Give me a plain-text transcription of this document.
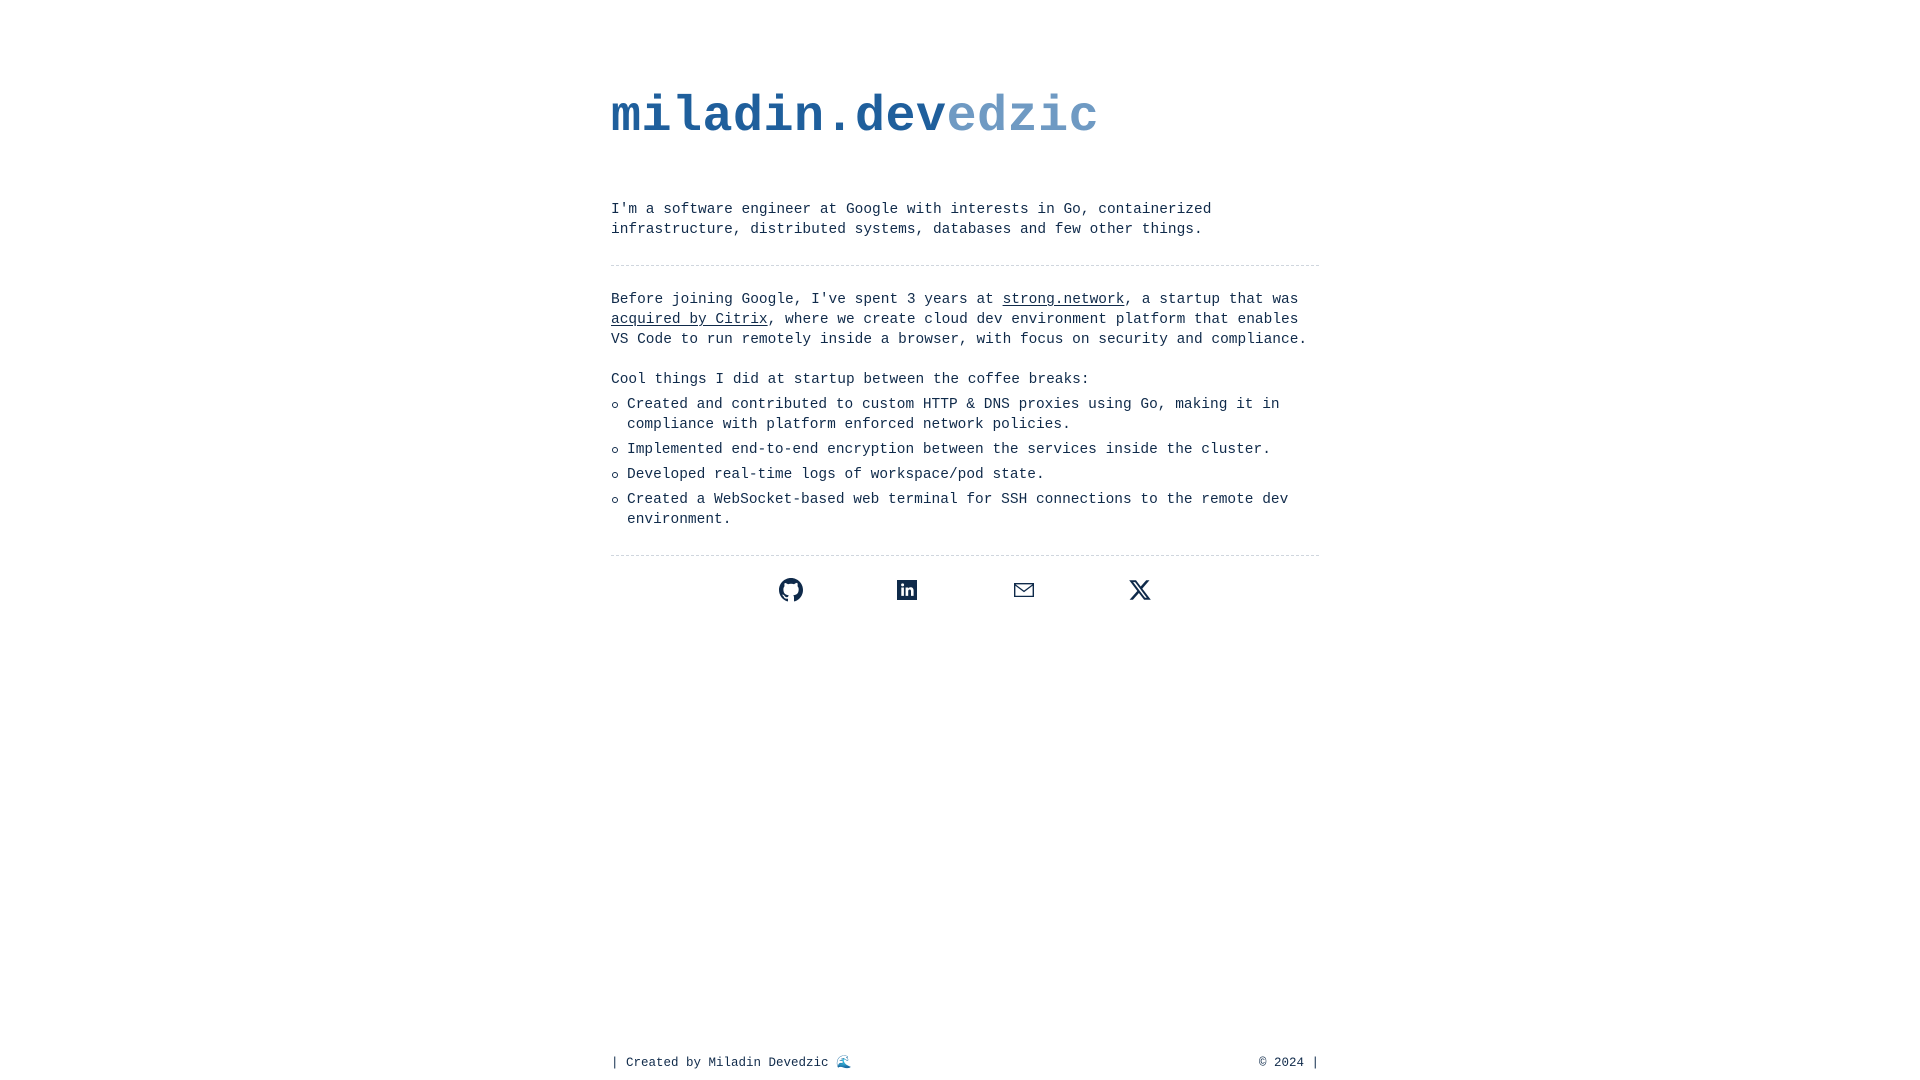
miladin.devedzic

I'm a software engineer at Google with interests in Go, containerized infrastructure, distributed systems, databases and few other things.

Before joining Google, I've spent 3 years at strong.network, a startup that was acquired by Citrix, where we create cloud dev environment platform that enables VS Code to run remotely inside a browser, with focus on security and compliance.

Cool things I did at startup between the coffee breaks:

Created and contributed to custom HTTP & DNS proxies using Go, making it in compliance with platform enforced network policies.
Implemented end-to-end encryption between the services inside the cluster.
Developed real-time logs of workspace/pod state.
Created a WebSocket-based web terminal for SSH connections to the remote dev environment.
| Created by Miladin Devedzic 🌊	© 2024 |
